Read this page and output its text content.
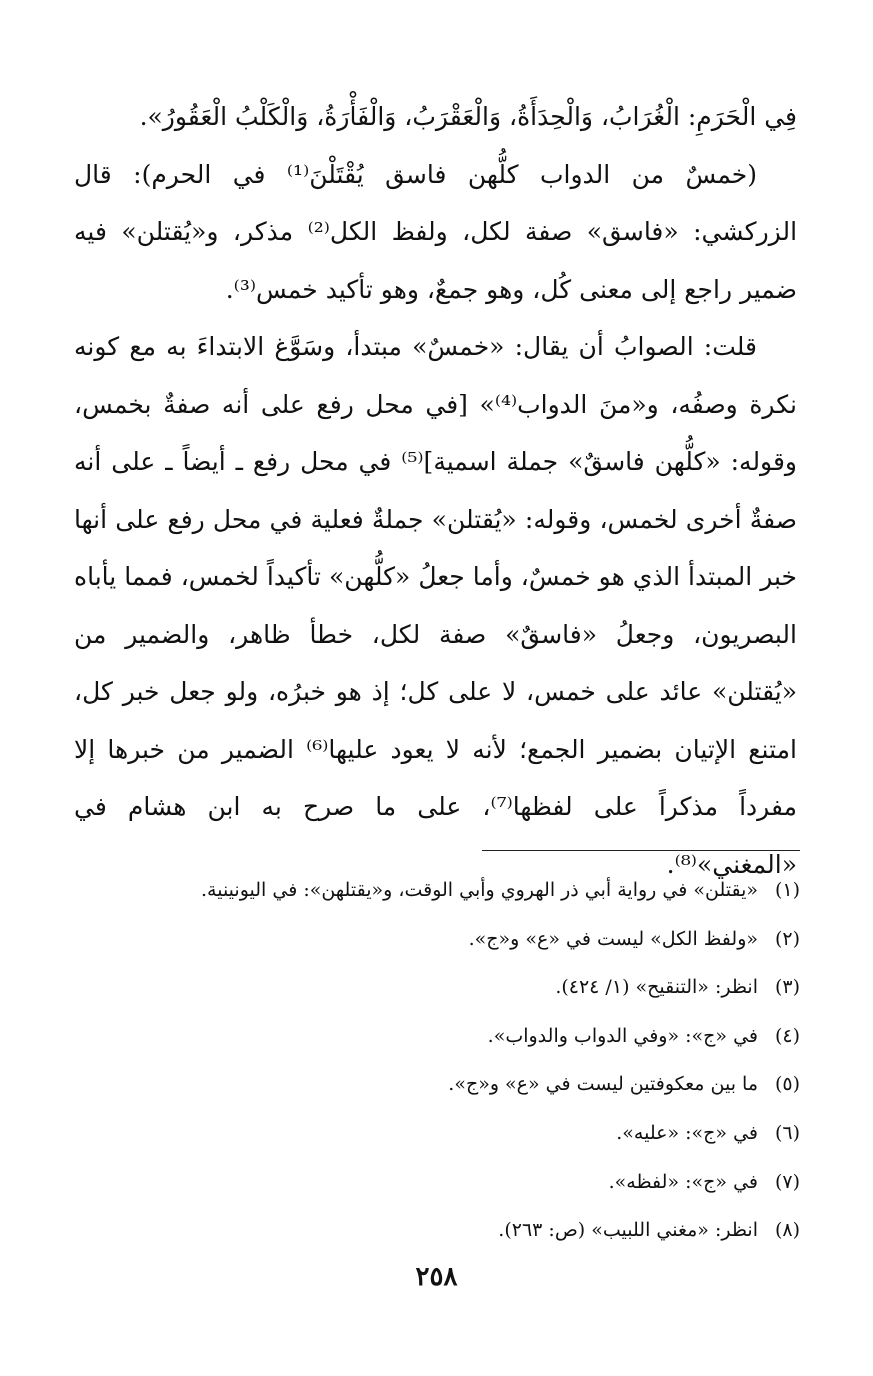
فِي الْحَرَمِ: الْغُرَابُ، وَالْحِدَأَةُ، وَالْعَقْرَبُ، وَالْفَأْرَةُ، وَالْكَلْبُ الْعَقُورُ».

(خمسٌ من الدواب كلُّهن فاسق يُقْتَلْنَ⁽¹⁾ في الحرم): قال الزركشي: «فاسق» صفة لكل، ولفظ الكل⁽²⁾ مذكر، و«يُقتلن» فيه ضمير راجع إلى معنى كُل، وهو جمعٌ، وهو تأكيد خمس⁽³⁾.

قلت: الصوابُ أن يقال: «خمسٌ» مبتدأ، وسَوَّغ الابتداءَ به مع كونه نكرة وصفُه، و«منَ الدواب⁽⁴⁾» [في محل رفع على أنه صفةٌ بخمس، وقوله: «كلُّهن فاسقٌ» جملة اسمية]⁽⁵⁾ في محل رفع ـ أيضاً ـ على أنه صفةٌ أخرى لخمس، وقوله: «يُقتلن» جملةٌ فعلية في محل رفع على أنها خبر المبتدأ الذي هو خمسٌ، وأما جعلُ «كلُّهن» تأكيداً لخمس، فمما يأباه البصريون، وجعلُ «فاسقٌ» صفة لكل، خطأ ظاهر، والضمير من «يُقتلن» عائد على خمس، لا على كل؛ إذ هو خبرُه، ولو جعل خبر كل، امتنع الإتيان بضمير الجمع؛ لأنه لا يعود عليها⁽⁶⁾ الضمير من خبرها إلا مفرداً مذكراً على لفظها⁽⁷⁾، على ما صرح به ابن هشام في «المغني»⁽⁸⁾.

(١)«يقتلن» في رواية أبي ذر الهروي وأبي الوقت، و«يقتلهن»: في اليونينية.
(٢)«ولفظ الكل» ليست في «ع» و«ج».
(٣)انظر: «التنقيح» (١/ ٤٢٤).
(٤)في «ج»: «وفي الدواب والدواب».
(٥)ما بين معكوفتين ليست في «ع» و«ج».
(٦)في «ج»: «عليه».
(٧)في «ج»: «لفظه».
(٨)انظر: «مغني اللبيب» (ص: ٢٦٣).
٢٥٨
